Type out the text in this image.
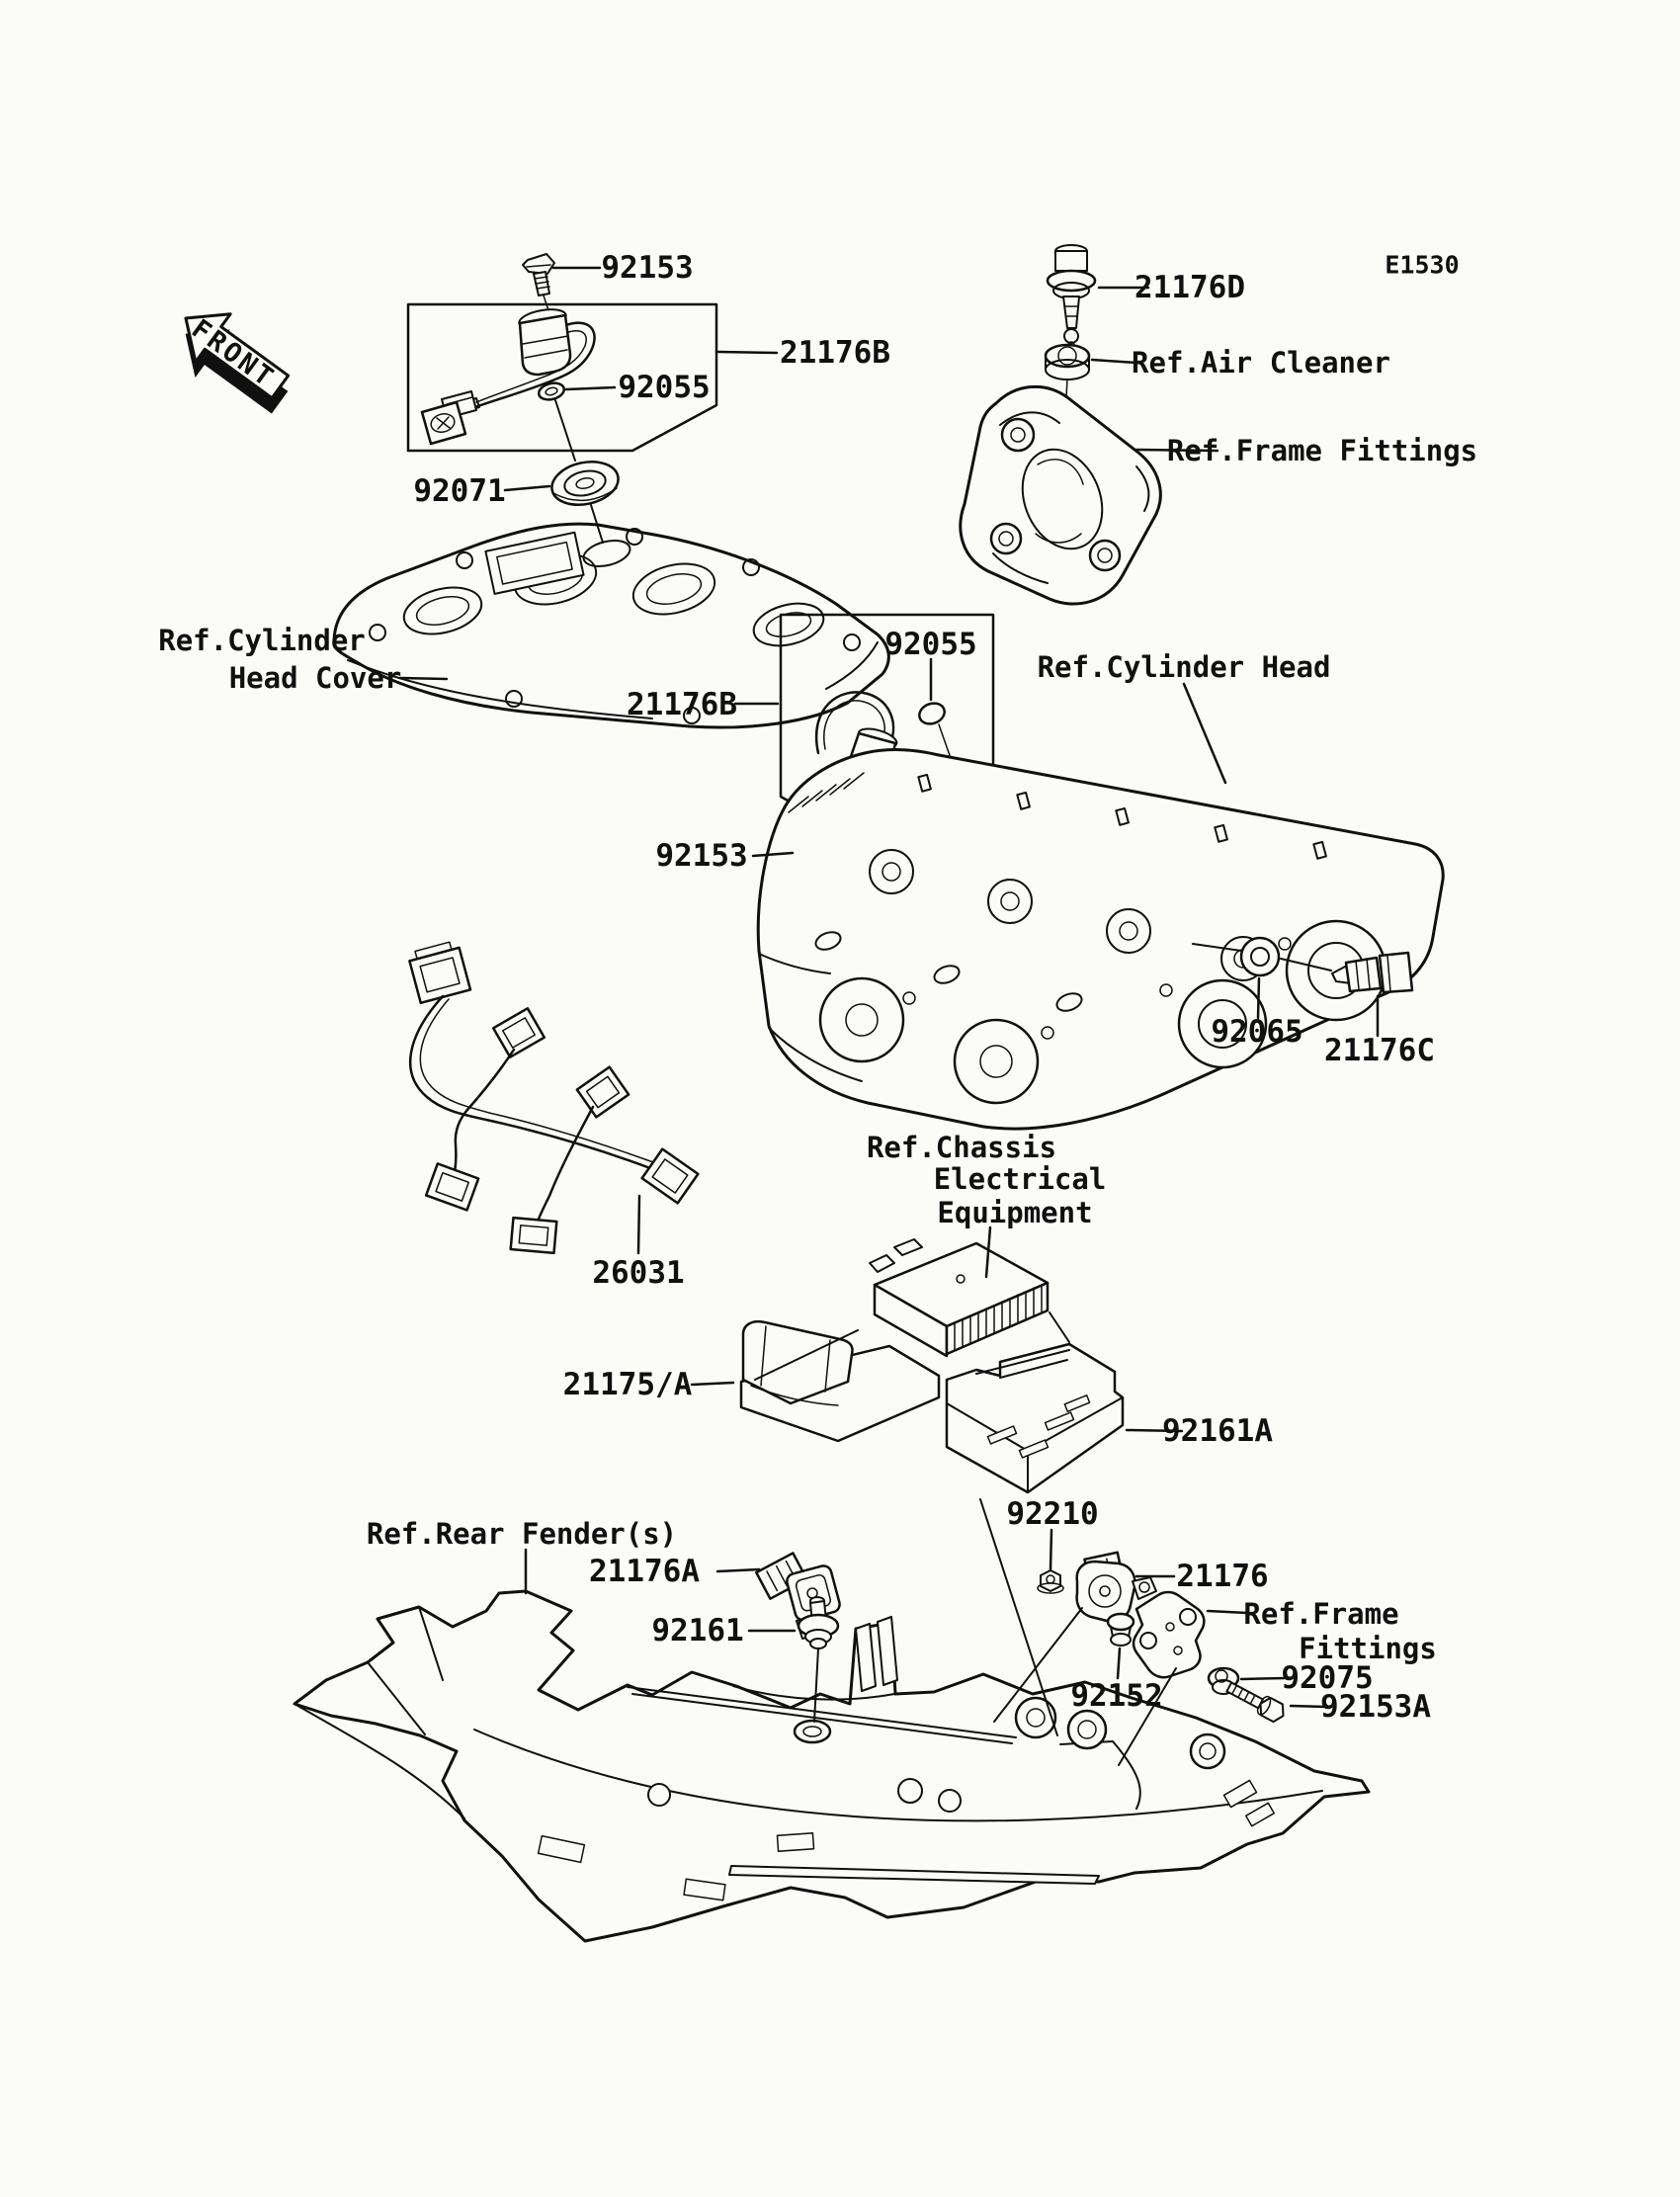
FRONT
E1530
92153
21176B
92055
92071
Ref.Cylinder
Head Cover
21176D
Ref.Air Cleaner
Ref.Frame Fittings
92055
Ref.Cylinder Head
21176B
92153
92065
21176C
26031
Ref.Chassis
Electrical
Equipment
21175/A
92161A
92210
Ref.Rear Fender(s)
21176A
92161
21176
Ref.Frame
Fittings
92152	92075
92153A
